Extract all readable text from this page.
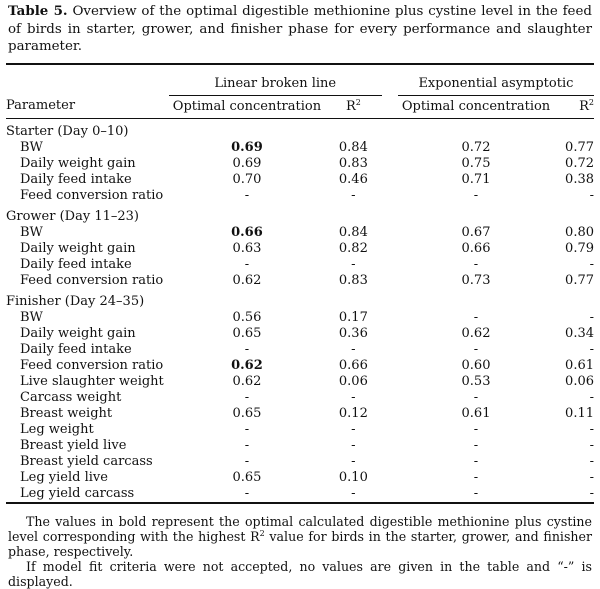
Table 5. Overview of the optimal digestible methionine plus cystine level in the feed of birds in starter, grower, and finisher phase for every performance and slaughter parameter.

	Linear broken line			Exponential asymptotic	
Parameter	Optimal concentration	$R^2$		Optimal concentration	$R^2$

Starter (Day 0–10)					
BW	0.69	0.84		0.72	0.77
Daily weight gain	0.69	0.83		0.75	0.72
Daily feed intake	0.70	0.46		0.71	0.38
Feed conversion ratio	-	-		-	-
Grower (Day 11–23)					
BW	0.66	0.84		0.67	0.80
Daily weight gain	0.63	0.82		0.66	0.79
Daily feed intake	-	-		-	-
Feed conversion ratio	0.62	0.83		0.73	0.77
Finisher (Day 24–35)					
BW	0.56	0.17		-	-
Daily weight gain	0.65	0.36		0.62	0.34
Daily feed intake	-	-		-	-
Feed conversion ratio	0.62	0.66		0.60	0.61
Live slaughter weight	0.62	0.06		0.53	0.06
Carcass weight	-	-		-	-
Breast weight	0.65	0.12		0.61	0.11
Leg weight	-	-		-	-
Breast yield live	-	-		-	-
Breast yield carcass	-	-		-	-
Leg yield live	0.65	0.10		-	-
Leg yield carcass	-	-		-	-

The values in bold represent the optimal calculated digestible methionine plus cystine level corresponding with the highest $R^2$ value for birds in the starter, grower, and finisher phase, respectively.

If model fit criteria were not accepted, no values are given in the table and “-” is displayed.
